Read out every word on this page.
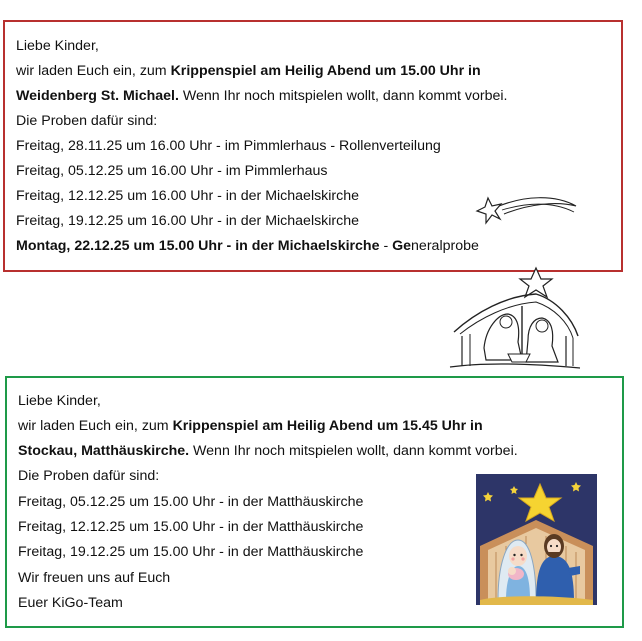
Liebe Kinder,
wir laden Euch ein, zum Krippenspiel am Heilig Abend um 15.00 Uhr in
Weidenberg St. Michael. Wenn Ihr noch mitspielen wollt, dann kommt vorbei.
Die Proben dafür sind:
Freitag, 28.11.25 um 16.00 Uhr - im Pimmlerhaus - Rollenverteilung
Freitag, 05.12.25 um 16.00 Uhr - im Pimmlerhaus
Freitag, 12.12.25 um 16.00 Uhr - in der Michaelskirche
Freitag, 19.12.25 um 16.00 Uhr - in der Michaelskirche
Montag, 22.12.25 um 15.00 Uhr - in der Michaelskirche - Generalprobe
Liebe Kinder,
wir laden Euch ein, zum Krippenspiel am Heilig Abend um 15.45 Uhr in
Stockau, Matthäuskirche. Wenn Ihr noch mitspielen wollt, dann kommt vorbei.
Die Proben dafür sind:
Freitag, 05.12.25 um 15.00 Uhr - in der Matthäuskirche
Freitag, 12.12.25 um 15.00 Uhr - in der Matthäuskirche
Freitag, 19.12.25 um 15.00 Uhr - in der Matthäuskirche
Wir freuen uns auf Euch
Euer KiGo-Team
